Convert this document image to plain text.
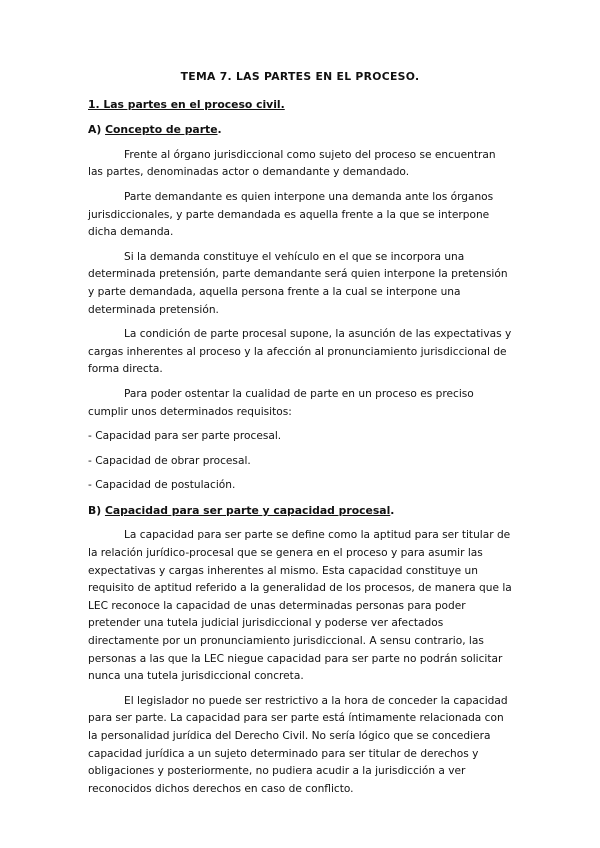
TEMA 7. LAS PARTES EN EL PROCESO.
1. Las partes en el proceso civil.
A) Concepto de parte.

Frente al órgano jurisdiccional como sujeto del proceso se encuentran las partes, denominadas actor o demandante y demandado.

Parte demandante es quien interpone una demanda ante los órganos jurisdiccionales, y parte demandada es aquella frente a la que se interpone dicha demanda.

Si la demanda constituye el vehículo en el que se incorpora una determinada pretensión, parte demandante será quien interpone la pretensión y parte demandada, aquella persona frente a la cual se interpone una determinada pretensión.

La condición de parte procesal supone, la asunción de las expectativas y cargas inherentes al proceso y la afección al pronunciamiento jurisdiccional de forma directa.

Para poder ostentar la cualidad de parte en un proceso es preciso cumplir unos determinados requisitos:

- Capacidad para ser parte procesal.
- Capacidad de obrar procesal.
- Capacidad de postulación.
B) Capacidad para ser parte y capacidad procesal.

La capacidad para ser parte se define como la aptitud para ser titular de la relación jurídico-procesal que se genera en el proceso y para asumir las expectativas y cargas inherentes al mismo. Esta capacidad constituye un requisito de aptitud referido a la generalidad de los procesos, de manera que la LEC reconoce la capacidad de unas determinadas personas para poder pretender una tutela judicial jurisdiccional y poderse ver afectados directamente por un pronunciamiento jurisdiccional. A sensu contrario, las personas a las que la LEC niegue capacidad para ser parte no podrán solicitar nunca una tutela jurisdiccional concreta.

El legislador no puede ser restrictivo a la hora de conceder la capacidad para ser parte. La capacidad para ser parte está íntimamente relacionada con la personalidad jurídica del Derecho Civil. No sería lógico que se concediera capacidad jurídica a un sujeto determinado para ser titular de derechos y obligaciones y posteriormente, no pudiera acudir a la jurisdicción a ver reconocidos dichos derechos en caso de conflicto.
